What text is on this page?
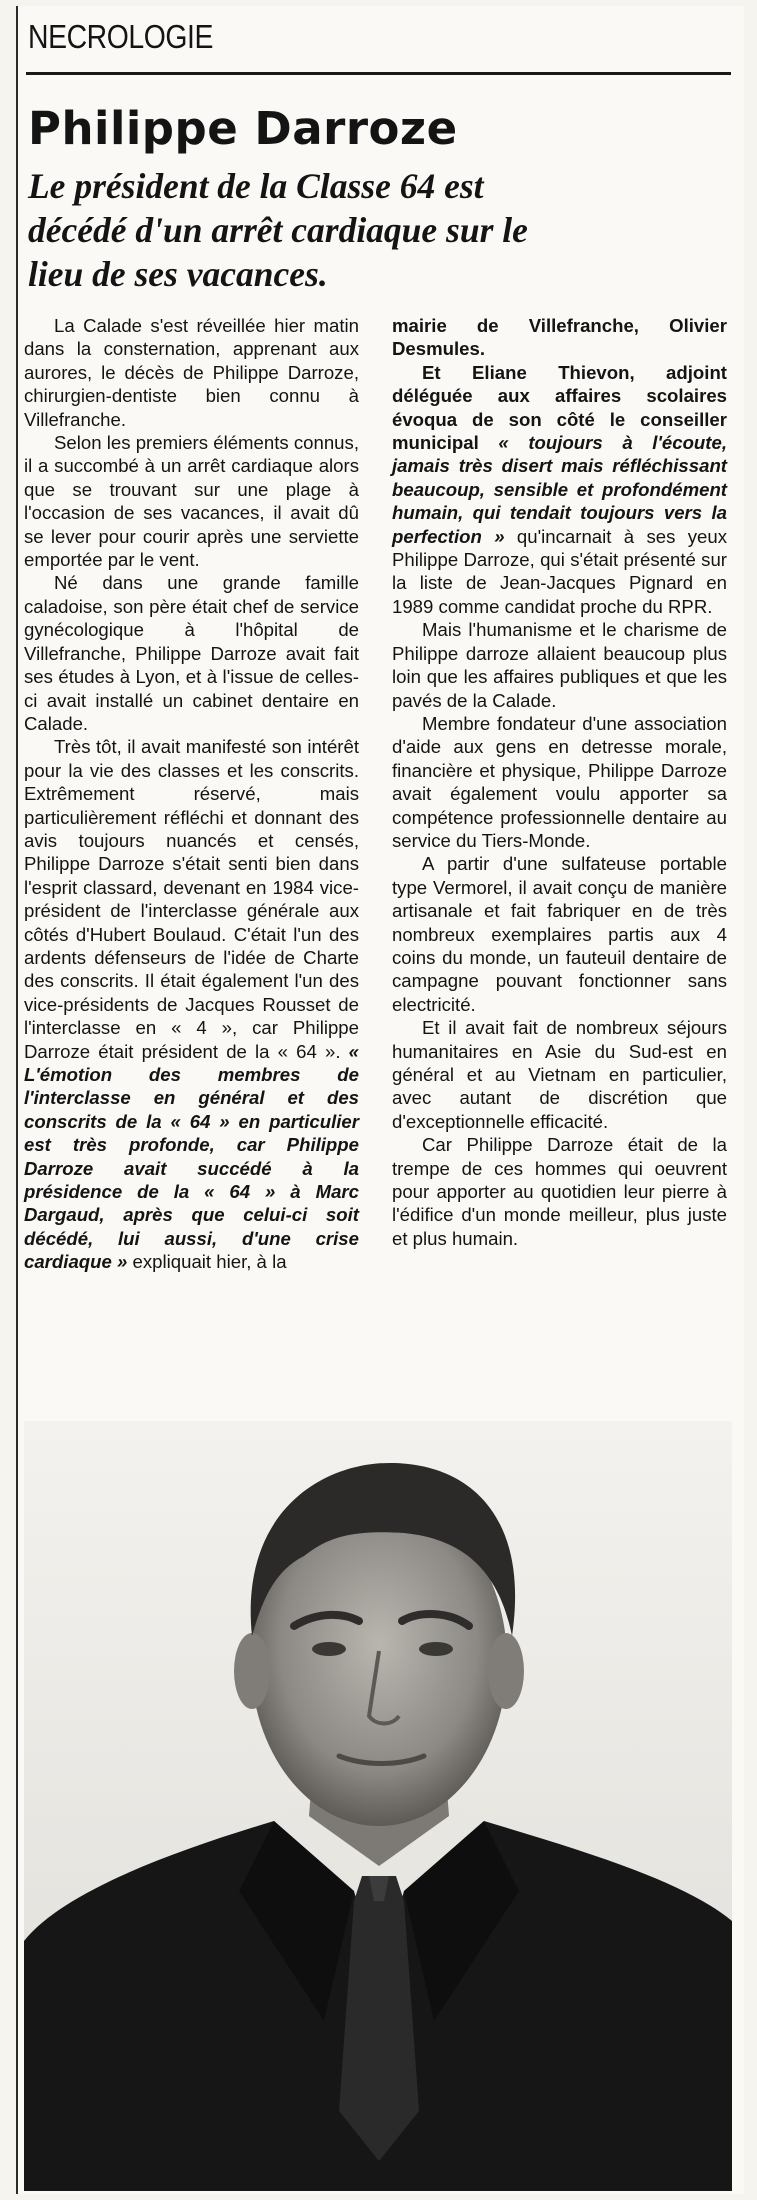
NECROLOGIE
Philippe Darroze
Le président de la Classe 64 est
décédé d'un arrêt cardiaque sur le
lieu de ses vacances.

La Calade s'est réveillée hier matin dans la consternation, apprenant aux aurores, le décès de Philippe Darroze, chirurgien-dentiste bien connu à Villefranche.

Selon les premiers éléments connus, il a succombé à un arrêt cardiaque alors que se trouvant sur une plage à l'occasion de ses vacances, il avait dû se lever pour courir après une serviette emportée par le vent.

Né dans une grande famille caladoise, son père était chef de service gynécologique à l'hôpital de Villefranche, Philippe Darroze avait fait ses études à Lyon, et à l'issue de celles-ci avait installé un cabinet dentaire en Calade.

Très tôt, il avait manifesté son intérêt pour la vie des classes et les conscrits. Extrêmement réservé, mais particulièrement réfléchi et donnant des avis toujours nuancés et censés, Philippe Darroze s'était senti bien dans l'esprit classard, devenant en 1984 vice-président de l'interclasse générale aux côtés d'Hubert Boulaud. C'était l'un des ardents défenseurs de l'idée de Charte des conscrits. Il était également l'un des vice-présidents de Jacques Rousset de l'interclasse en « 4 », car Philippe Darroze était président de la « 64 ». « L'émotion des membres de l'interclasse en général et des conscrits de la « 64 » en particulier est très profonde, car Philippe Darroze avait succédé à la présidence de la « 64 » à Marc Dargaud, après que celui-ci soit décédé, lui aussi, d'une crise cardiaque » expliquait hier, à la

mairie de Villefranche, Olivier Desmules.

Et Eliane Thievon, adjoint déléguée aux affaires scolaires évoqua de son côté le conseiller municipal « toujours à l'écoute, jamais très disert mais réfléchissant beaucoup, sensible et profondément humain, qui tendait toujours vers la perfection » qu'incarnait à ses yeux Philippe Darroze, qui s'était présenté sur la liste de Jean-Jacques Pignard en 1989 comme candidat proche du RPR.

Mais l'humanisme et le charisme de Philippe darroze allaient beaucoup plus loin que les affaires publiques et que les pavés de la Calade.

Membre fondateur d'une association d'aide aux gens en detresse morale, financière et physique, Philippe Darroze avait également voulu apporter sa compétence professionnelle dentaire au service du Tiers-Monde.

A partir d'une sulfateuse portable type Vermorel, il avait conçu de manière artisanale et fait fabriquer en de très nombreux exemplaires partis aux 4 coins du monde, un fauteuil dentaire de campagne pouvant fonctionner sans electricité.

Et il avait fait de nombreux séjours humanitaires en Asie du Sud-est en général et au Vietnam en particulier, avec autant de discrétion que d'exceptionnelle efficacité.

Car Philippe Darroze était de la trempe de ces hommes qui oeuvrent pour apporter au quotidien leur pierre à l'édifice d'un monde meilleur, plus juste et plus humain.
